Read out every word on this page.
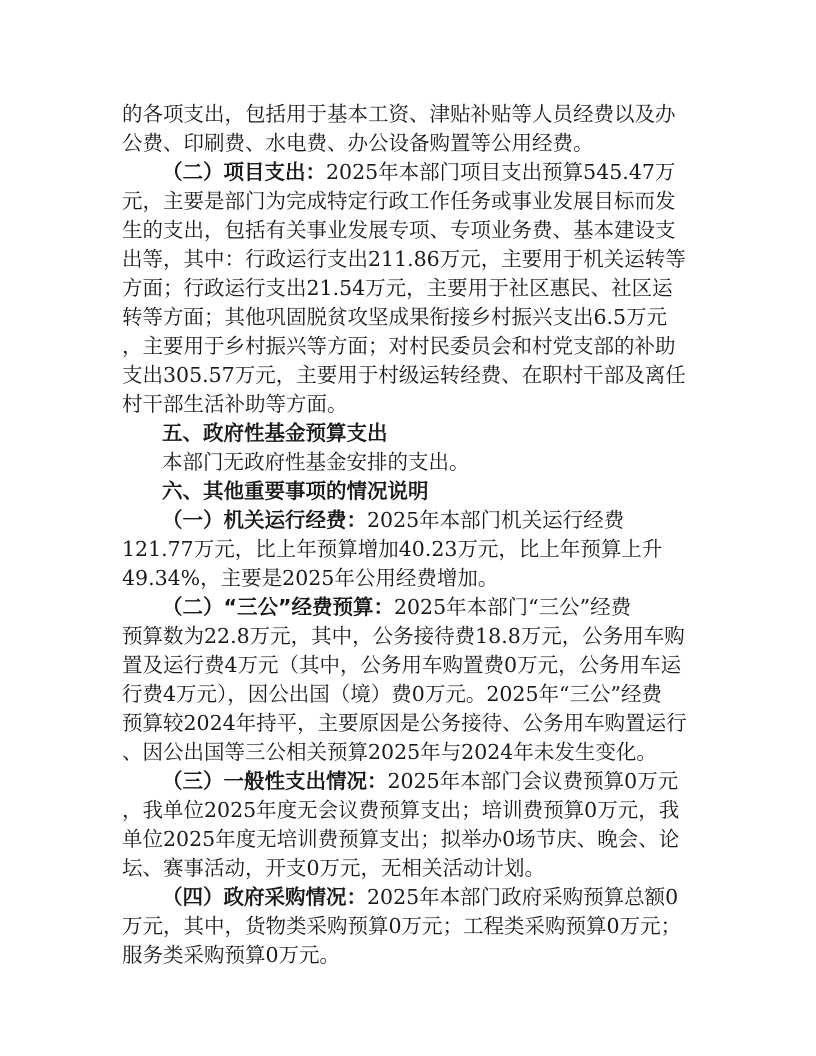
的各项支出，包括用于基本工资、津贴补贴等人员经费以及办
公费、印刷费、水电费、办公设备购置等公用经费。
（二）项目支出：2025年本部门项目支出预算545.47万
元，主要是部门为完成特定行政工作任务或事业发展目标而发
生的支出，包括有关事业发展专项、专项业务费、基本建设支
出等，其中：行政运行支出211.86万元，主要用于机关运转等
方面；行政运行支出21.54万元，主要用于社区惠民、社区运
转等方面；其他巩固脱贫攻坚成果衔接乡村振兴支出6.5万元
，主要用于乡村振兴等方面；对村民委员会和村党支部的补助
支出305.57万元，主要用于村级运转经费、在职村干部及离任
村干部生活补助等方面。
五、政府性基金预算支出
本部门无政府性基金安排的支出。
六、其他重要事项的情况说明
（一）机关运行经费：2025年本部门机关运行经费
121.77万元，比上年预算增加40.23万元，比上年预算上升
49.34%，主要是2025年公用经费增加。
（二）“三公”经费预算：2025年本部门“三公”经费
预算数为22.8万元，其中，公务接待费18.8万元，公务用车购
置及运行费4万元（其中，公务用车购置费0万元，公务用车运
行费4万元），因公出国（境）费0万元。2025年“三公”经费
预算较2024年持平，主要原因是公务接待、公务用车购置运行
、因公出国等三公相关预算2025年与2024年未发生变化。
（三）一般性支出情况：2025年本部门会议费预算0万元
，我单位2025年度无会议费预算支出；培训费预算0万元，我
单位2025年度无培训费预算支出；拟举办0场节庆、晚会、论
坛、赛事活动，开支0万元，无相关活动计划。
（四）政府采购情况：2025年本部门政府采购预算总额0
万元，其中，货物类采购预算0万元；工程类采购预算0万元；
服务类采购预算0万元。
